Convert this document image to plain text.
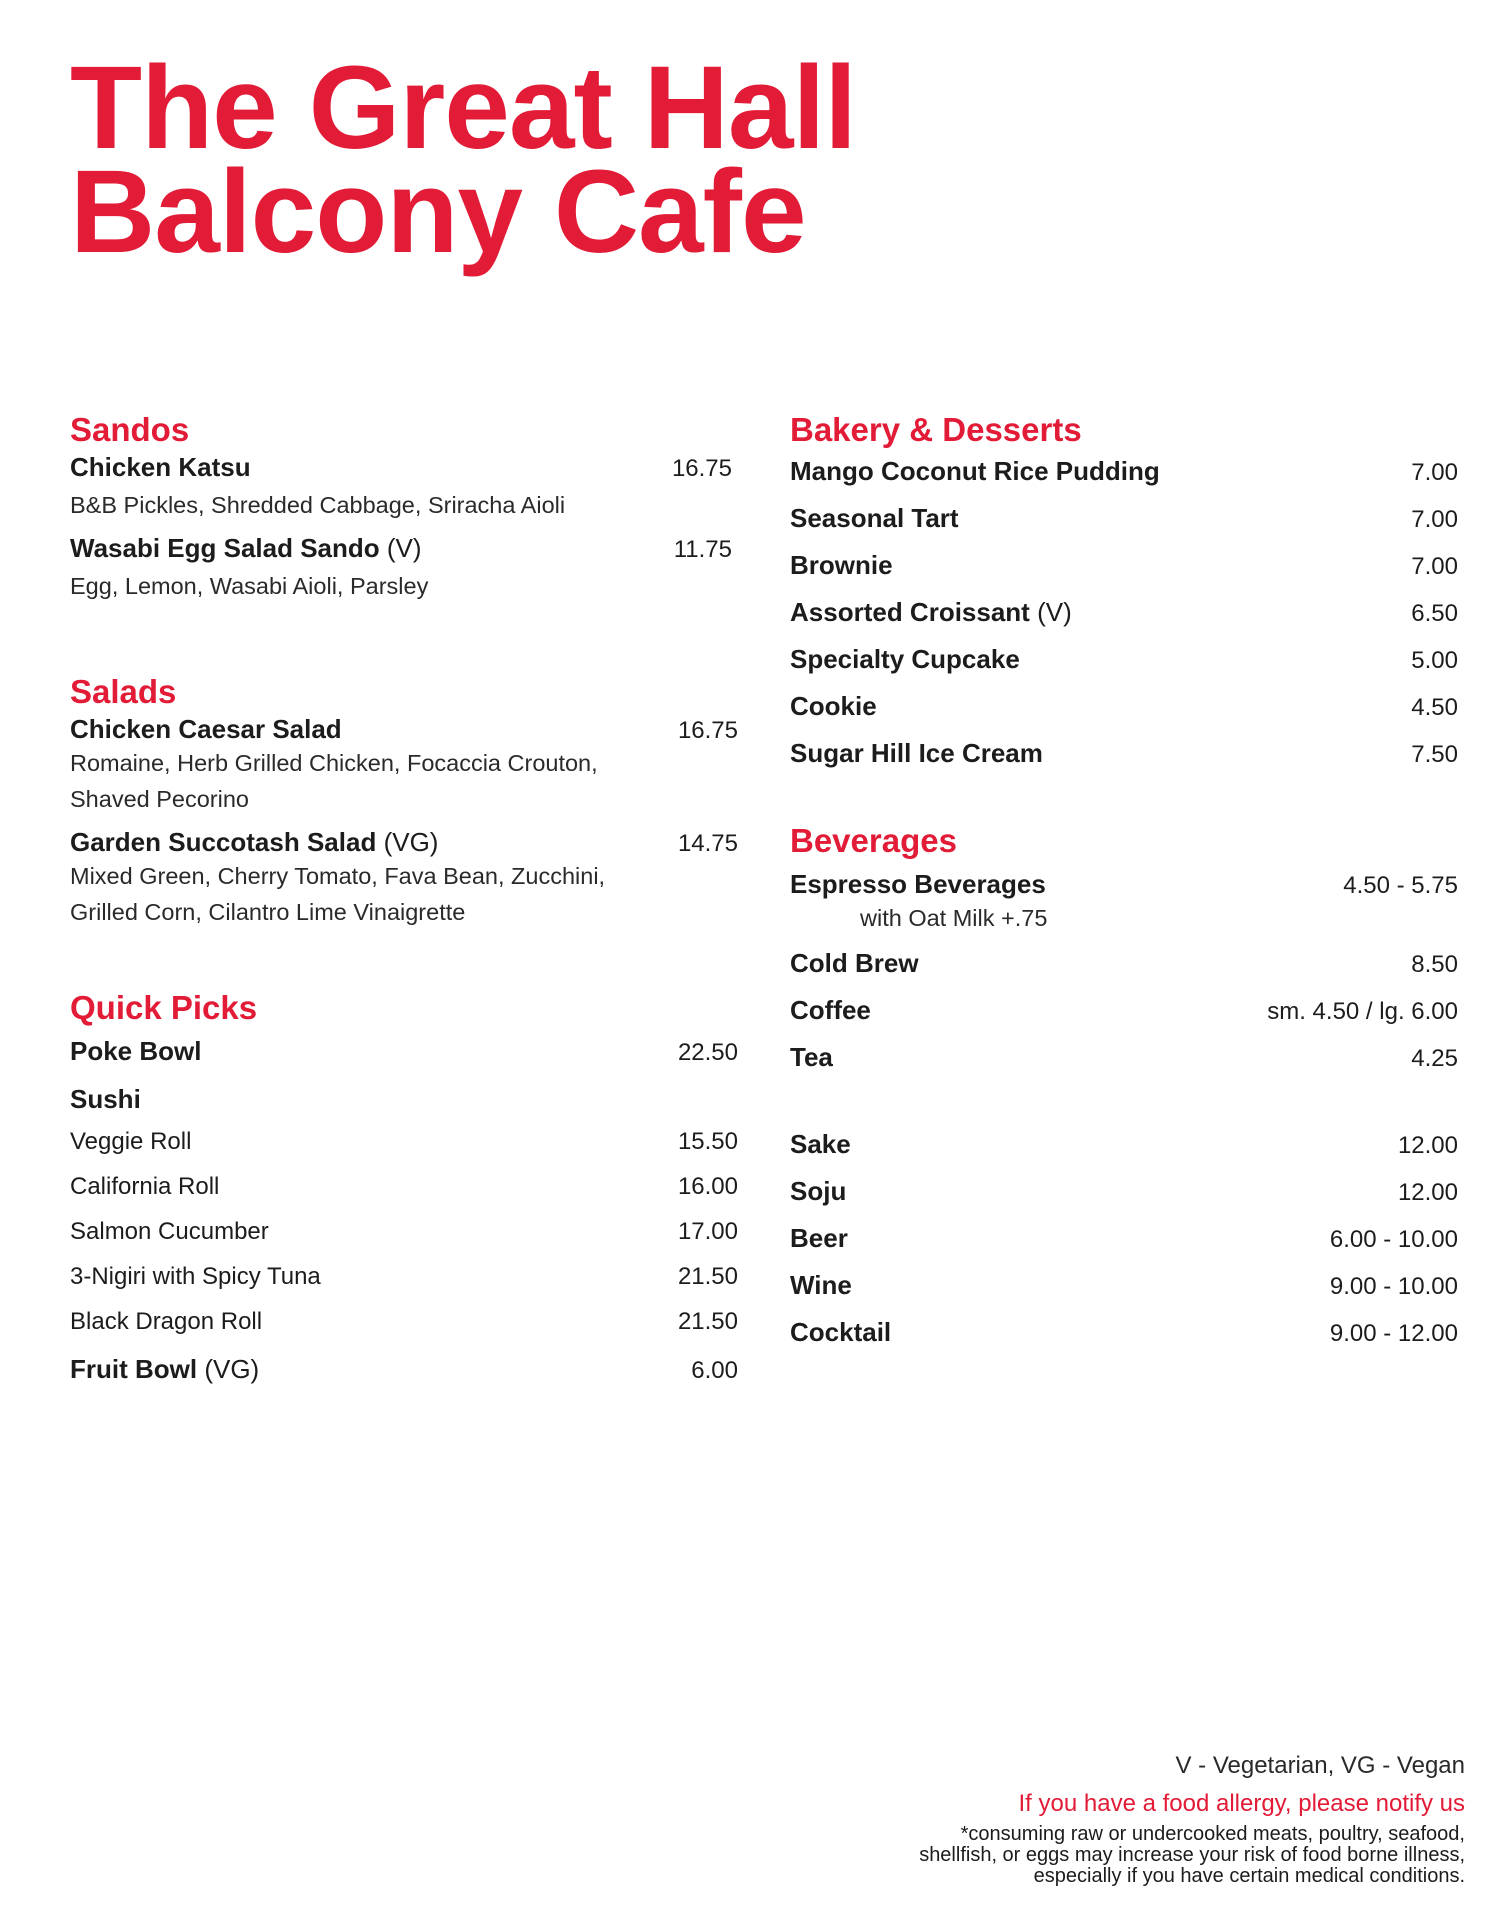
The Great Hall
Balcony Cafe
Sandos
Chicken Katsu	16.75
B&B Pickles, Shredded Cabbage, Sriracha Aioli
Wasabi Egg Salad Sando (V)	11.75
Egg, Lemon, Wasabi Aioli, Parsley
Salads
Chicken Caesar Salad	16.75
Romaine, Herb Grilled Chicken, Focaccia Crouton,
Shaved Pecorino
Garden Succotash Salad (VG)	14.75
Mixed Green, Cherry Tomato, Fava Bean, Zucchini,
Grilled Corn, Cilantro Lime Vinaigrette
Quick Picks
Poke Bowl	22.50
Sushi
Veggie Roll	15.50
California Roll	16.00
Salmon Cucumber	17.00
3-Nigiri with Spicy Tuna	21.50
Black Dragon Roll	21.50
Fruit Bowl (VG)	6.00
Bakery & Desserts
Mango Coconut Rice Pudding	7.00
Seasonal Tart	7.00
Brownie	7.00
Assorted Croissant (V)	6.50
Specialty Cupcake	5.00
Cookie	4.50
Sugar Hill Ice Cream	7.50
Beverages
Espresso Beverages	4.50 - 5.75
with Oat Milk +.75
Cold Brew	8.50
Coffee	sm. 4.50 / lg. 6.00
Tea	4.25
Sake	12.00
Soju	12.00
Beer	6.00 - 10.00
Wine	9.00 - 10.00
Cocktail	9.00 - 12.00
V - Vegetarian, VG - Vegan
If you have a food allergy, please notify us
*consuming raw or undercooked meats, poultry, seafood,
shellfish, or eggs may increase your risk of food borne illness,
especially if you have certain medical conditions.
